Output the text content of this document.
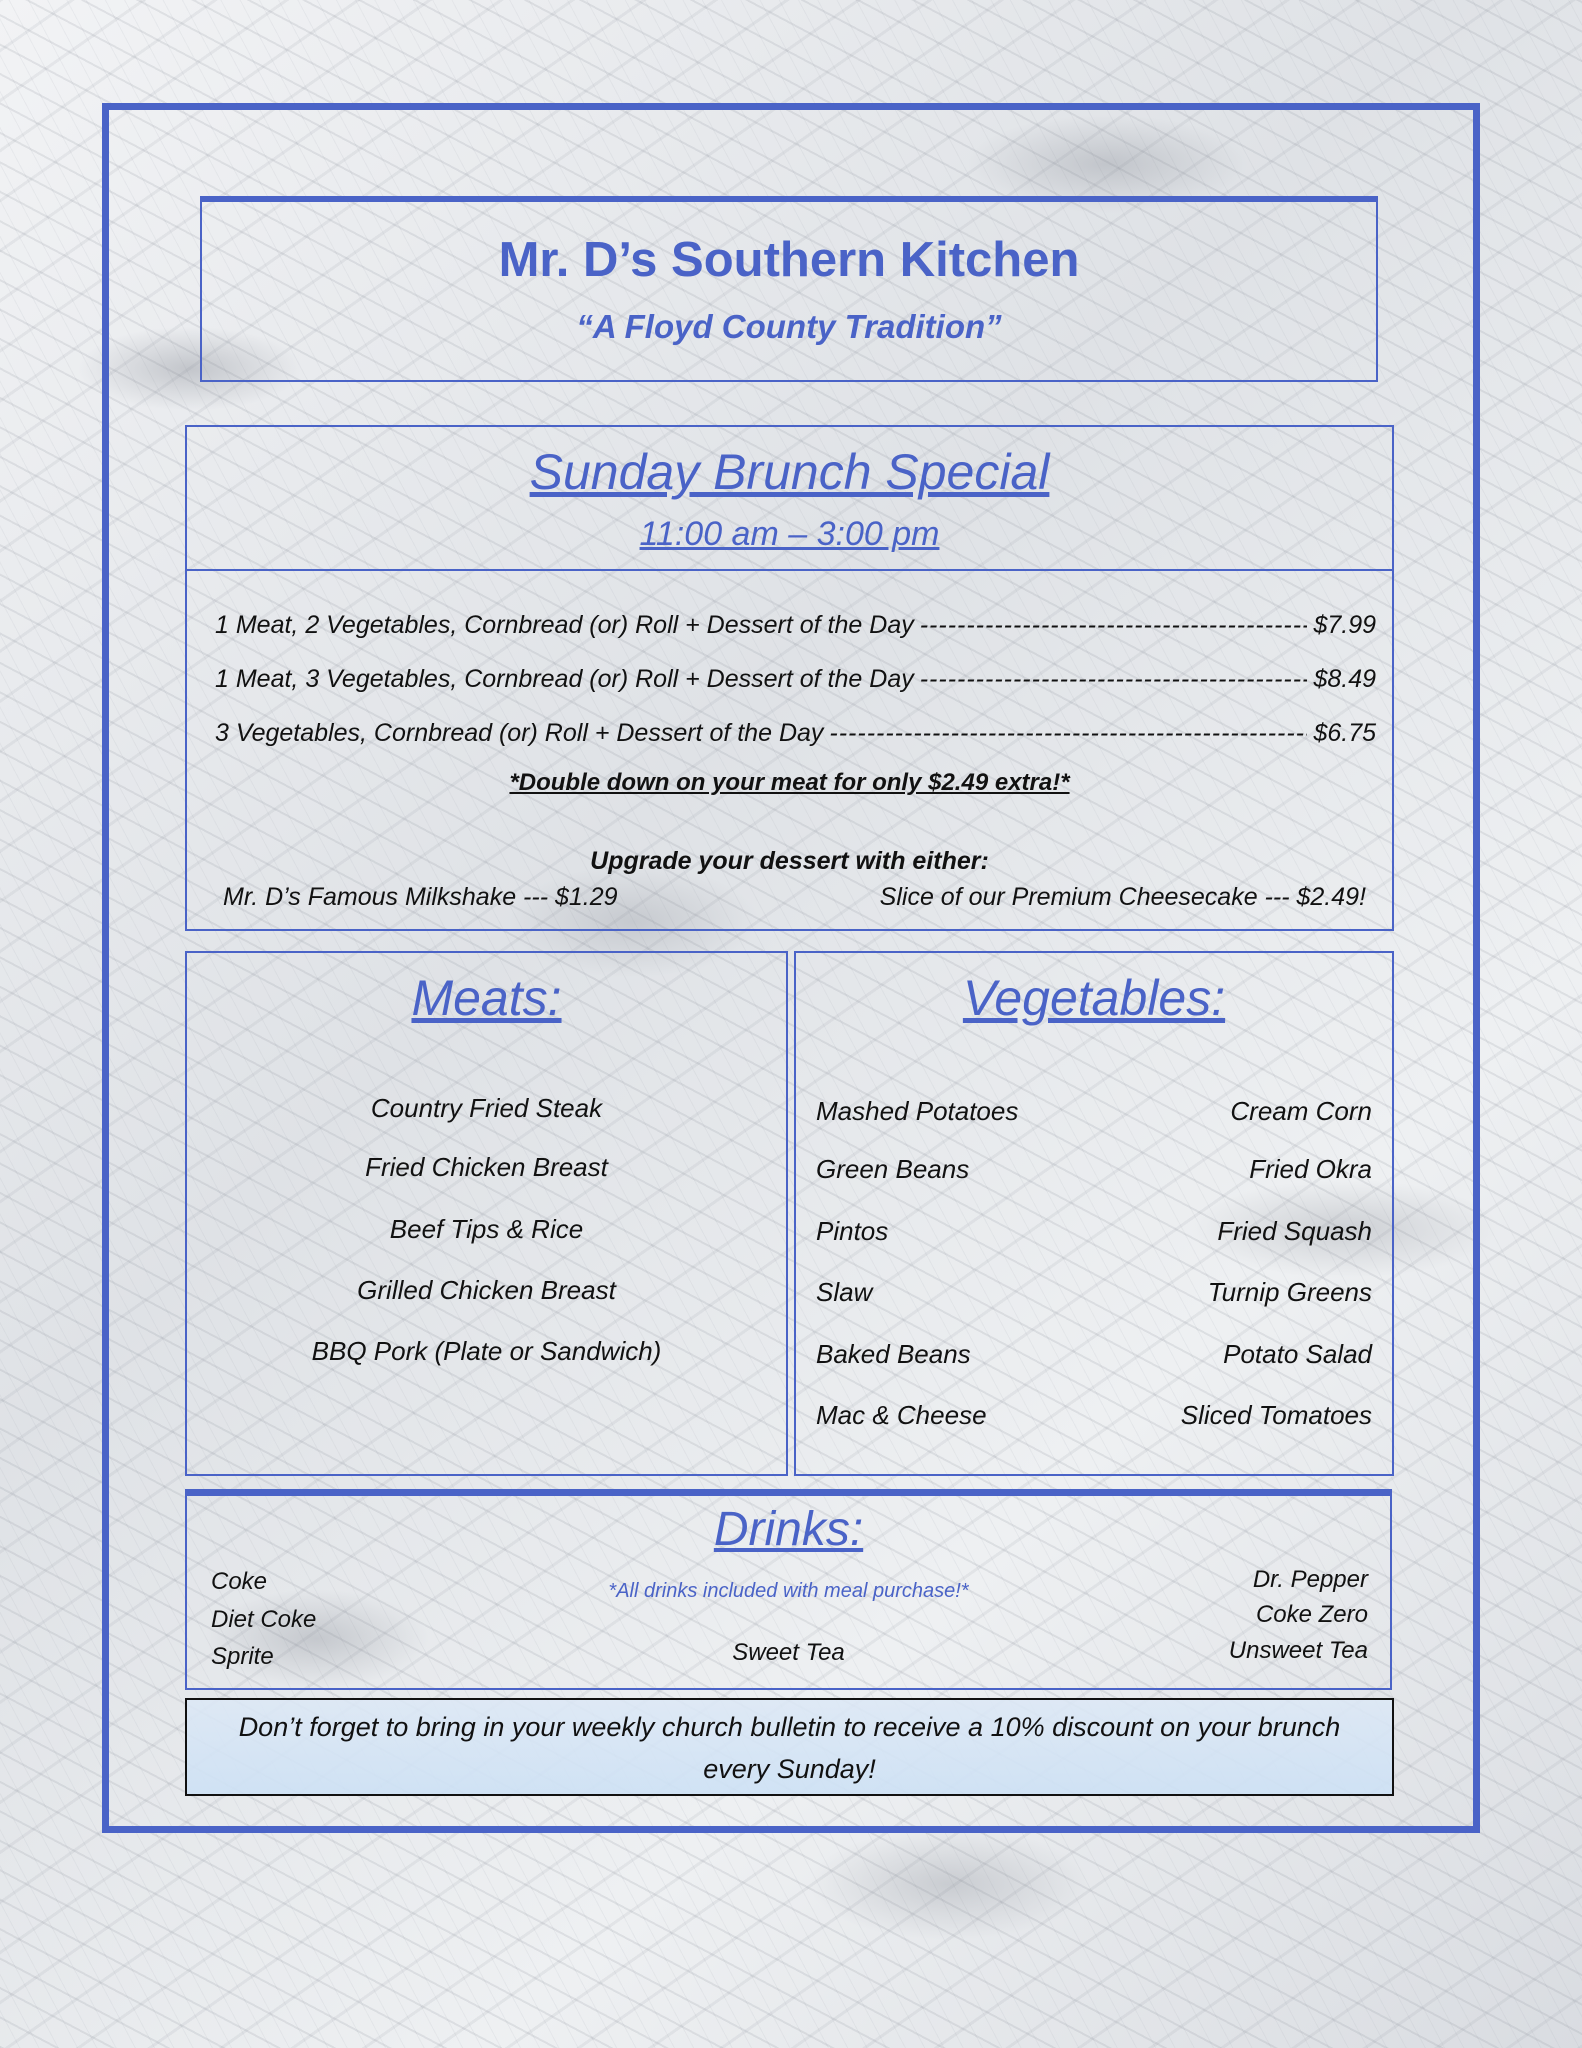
Mr. D’s Southern Kitchen
“A Floyd County Tradition”
Sunday Brunch Special
11:00 am – 3:00 pm
1 Meat, 2 Vegetables, Cornbread (or) Roll + Dessert of the Day -----	$7.99
1 Meat, 3 Vegetables, Cornbread (or) Roll + Dessert of the Day -----	$8.49
3 Vegetables, Cornbread (or) Roll + Dessert of the Day -----	$6.75
*Double down on your meat for only $2.49 extra!*
Upgrade your dessert with either:
Mr. D’s Famous Milkshake --- $1.29	Slice of our Premium Cheesecake --- $2.49!
Meats:
Country Fried Steak
Fried Chicken Breast
Beef Tips & Rice
Grilled Chicken Breast
BBQ Pork (Plate or Sandwich)
Vegetables:
Mashed Potatoes	Cream Corn
Green Beans	Fried Okra
Pintos	Fried Squash
Slaw	Turnip Greens
Baked Beans	Potato Salad
Mac & Cheese	Sliced Tomatoes
Drinks:
*All drinks included with meal purchase!*
Coke
Diet Coke
Sprite	Sweet Tea
Dr. Pepper
Coke Zero
Unsweet Tea
Don’t forget to bring in your weekly church bulletin to receive a 10% discount on your brunch every Sunday!
